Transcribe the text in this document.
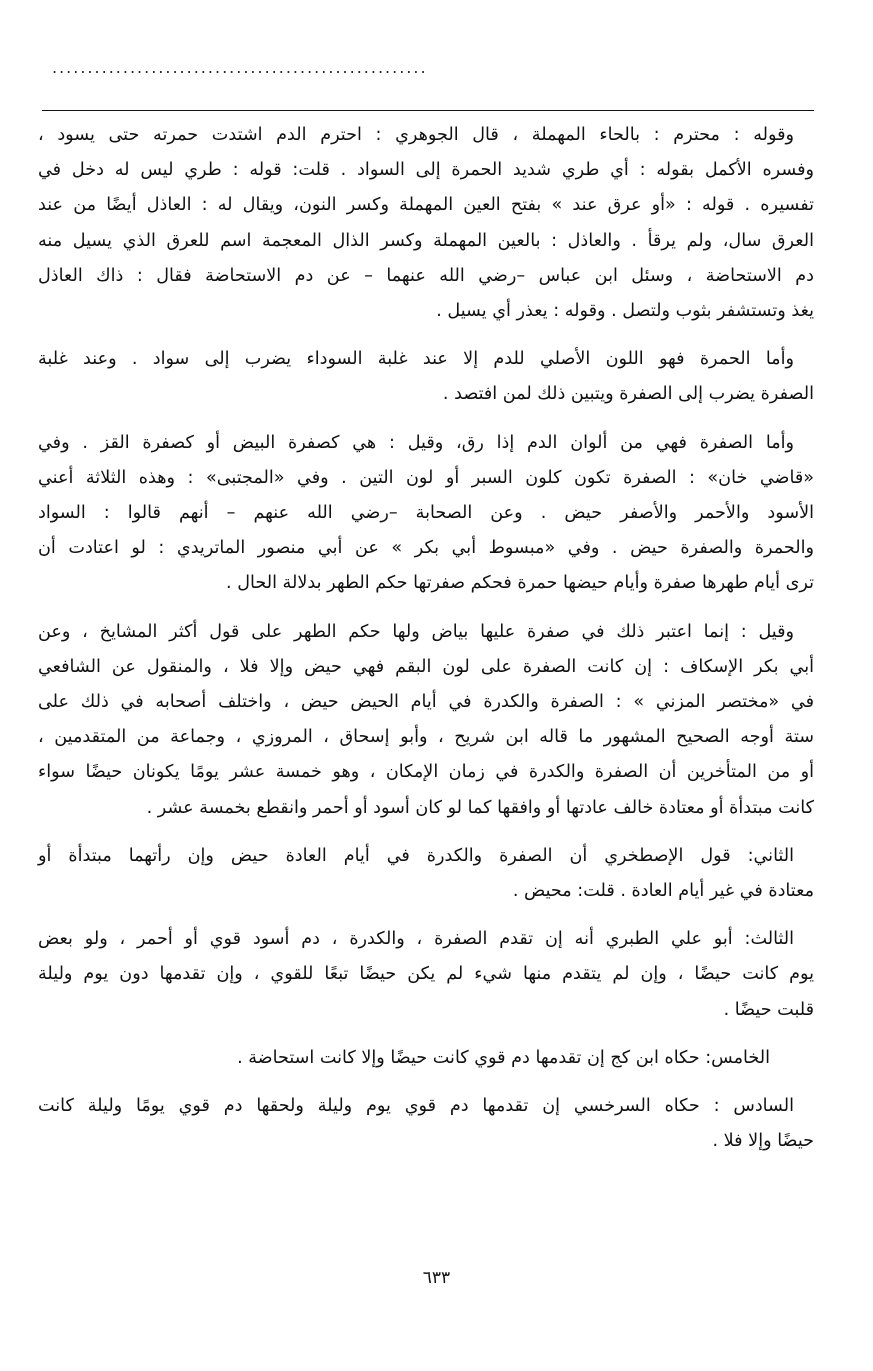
.....................................................
وقوله : محترم : بالحاء المهملة ، قال الجوهري : احترم الدم اشتدت حمرته حتى يسود ،
وفسره الأكمل بقوله : أي طري شديد الحمرة إلى السواد . قلت: قوله : طري ليس له دخل في
تفسيره . قوله : «أو عرق عند » بفتح العين المهملة وكسر النون، ويقال له : العاذل أيضًا من عند
العرق سال، ولم يرقأ . والعاذل : بالعين المهملة وكسر الذال المعجمة اسم للعرق الذي يسيل منه
دم الاستحاضة ، وسئل ابن عباس –رضي الله عنهما – عن دم الاستحاضة فقال : ذاك العاذل
يغذ وتستشفر بثوب ولتصل . وقوله : يعذر أي يسيل .
وأما الحمرة فهو اللون الأصلي للدم إلا عند غلبة السوداء يضرب إلى سواد . وعند غلبة
الصفرة يضرب إلى الصفرة ويتبين ذلك لمن افتصد .
وأما الصفرة فهي من ألوان الدم إذا رق، وقيل : هي كصفرة البيض أو كصفرة القز . وفي
«قاضي خان» : الصفرة تكون كلون السبر أو لون التين . وفي «المجتبى» : وهذه الثلاثة أعني
الأسود والأحمر والأصفر حيض . وعن الصحابة –رضي الله عنهم – أنهم قالوا : السواد
والحمرة والصفرة حيض . وفي «مبسوط أبي بكر » عن أبي منصور الماتريدي : لو اعتادت أن
ترى أيام طهرها صفرة وأيام حيضها حمرة فحكم صفرتها حكم الطهر بدلالة الحال .
وقيل : إنما اعتبر ذلك في صفرة عليها بياض ولها حكم الطهر على قول أكثر المشايخ ، وعن
أبي بكر الإسكاف : إن كانت الصفرة على لون البقم فهي حيض وإلا فلا ، والمنقول عن الشافعي
في «مختصر المزني » : الصفرة والكدرة في أيام الحيض حيض ، واختلف أصحابه في ذلك على
ستة أوجه الصحيح المشهور ما قاله ابن شريح ، وأبو إسحاق ، المروزي ، وجماعة من المتقدمين ،
أو من المتأخرين أن الصفرة والكدرة في زمان الإمكان ، وهو خمسة عشر يومًا يكونان حيضًا سواء
كانت مبتدأة أو معتادة خالف عادتها أو وافقها كما لو كان أسود أو أحمر وانقطع بخمسة عشر .
الثاني: قول الإصطخري أن الصفرة والكدرة في أيام العادة حيض وإن رأتهما مبتدأة أو
معتادة في غير أيام العادة . قلت: محيض .
الثالث: أبو علي الطبري أنه إن تقدم الصفرة ، والكدرة ، دم أسود قوي أو أحمر ، ولو بعض
يوم كانت حيضًا ، وإن لم يتقدم منها شيء لم يكن حيضًا تبعًا للقوي ، وإن تقدمها دون يوم وليلة
قلبت حيضًا .
الخامس: حكاه ابن كج إن تقدمها دم قوي كانت حيضًا وإلا كانت استحاضة .
السادس : حكاه السرخسي إن تقدمها دم قوي يوم وليلة ولحقها دم قوي يومًا وليلة كانت
حيضًا وإلا فلا .
٦٣٣
